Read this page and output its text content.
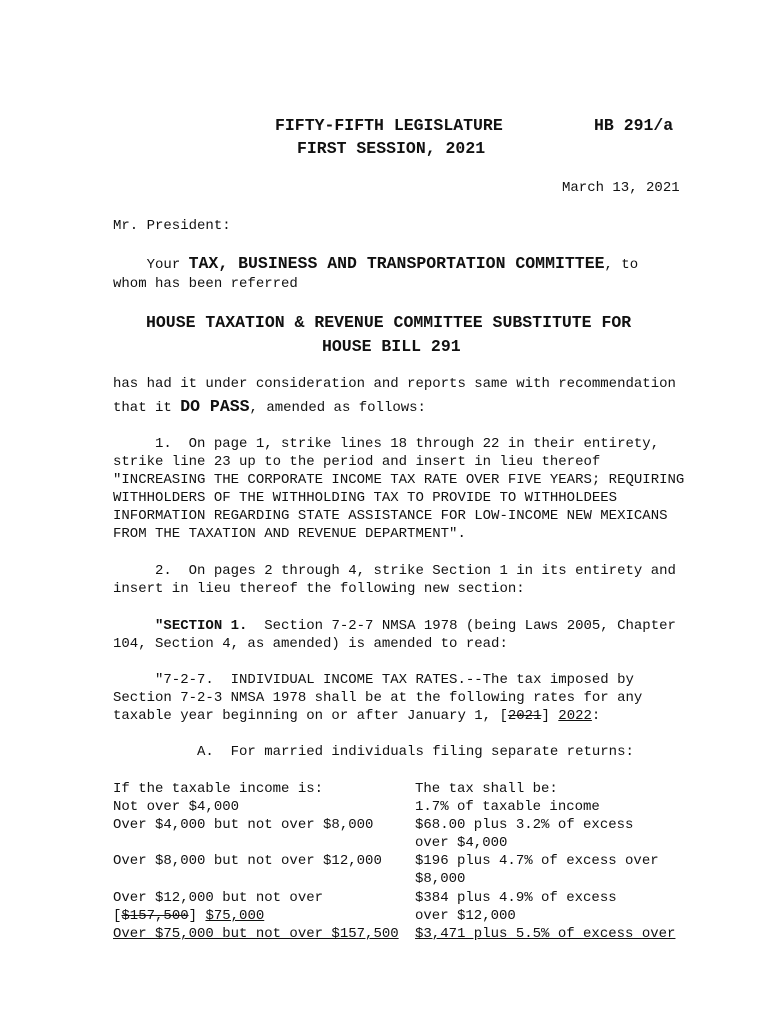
FIFTY-FIFTH LEGISLATURE	HB 291/a
FIRST SESSION, 2021
March 13, 2021
Mr. President:
Your TAX, BUSINESS AND TRANSPORTATION COMMITTEE, to
whom has been referred
HOUSE TAXATION & REVENUE COMMITTEE SUBSTITUTE FOR
HOUSE BILL 291
has had it under consideration and reports same with recommendation
that it DO PASS, amended as follows:
1.  On page 1, strike lines 18 through 22 in their entirety,
strike line 23 up to the period and insert in lieu thereof
"INCREASING THE CORPORATE INCOME TAX RATE OVER FIVE YEARS; REQUIRING
WITHHOLDERS OF THE WITHHOLDING TAX TO PROVIDE TO WITHHOLDEES
INFORMATION REGARDING STATE ASSISTANCE FOR LOW-INCOME NEW MEXICANS
FROM THE TAXATION AND REVENUE DEPARTMENT".
2.  On pages 2 through 4, strike Section 1 in its entirety and
insert in lieu thereof the following new section:
"SECTION 1.  Section 7-2-7 NMSA 1978 (being Laws 2005, Chapter
104, Section 4, as amended) is amended to read:
"7-2-7.  INDIVIDUAL INCOME TAX RATES.--The tax imposed by
Section 7-2-3 NMSA 1978 shall be at the following rates for any
taxable year beginning on or after January 1, [2021] 2022:
A.  For married individuals filing separate returns:
If the taxable income is:	The tax shall be:
Not over $4,000	1.7% of taxable income
Over $4,000 but not over $8,000	$68.00 plus 3.2% of excess
over $4,000
Over $8,000 but not over $12,000 $196 plus 4.7% of excess over
$8,000
Over $12,000 but not over	$384 plus 4.9% of excess
[$157,500] $75,000	over $12,000
Over $75,000 but not over $157,500 $3,471 plus 5.5% of excess over
